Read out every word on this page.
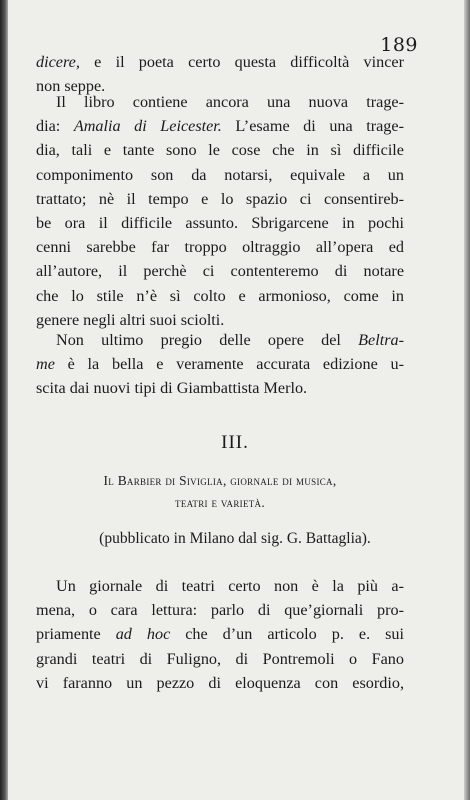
189
dicere, e il poeta certo questa difficoltà vincer
non seppe.
Il libro contiene ancora una nuova trage-
dia: Amalia di Leicester. L’esame di una trage-
dia, tali e tante sono le cose che in sì difficile
componimento son da notarsi, equivale a un
trattato; nè il tempo e lo spazio ci consentireb-
be ora il difficile assunto. Sbrigarcene in pochi
cenni sarebbe far troppo oltraggio all’opera ed
all’autore, il perchè ci contenteremo di notare
che lo stile n’è sì colto e armonioso, come in
genere negli altri suoi sciolti.
Non ultimo pregio delle opere del Beltra-
me è la bella e veramente accurata edizione u-
scita dai nuovi tipi di Giambattista Merlo.
III.
Il Barbier di Siviglia, giornale di musica,
teatri e varietà.
(pubblicato in Milano dal sig. G. Battaglia).
Un giornale di teatri certo non è la più a-
mena, o cara lettura: parlo di que’giornali pro-
priamente ad hoc che d’un articolo p. e. sui
grandi teatri di Fuligno, di Pontremoli o Fano
vi faranno un pezzo di eloquenza con esordio,
